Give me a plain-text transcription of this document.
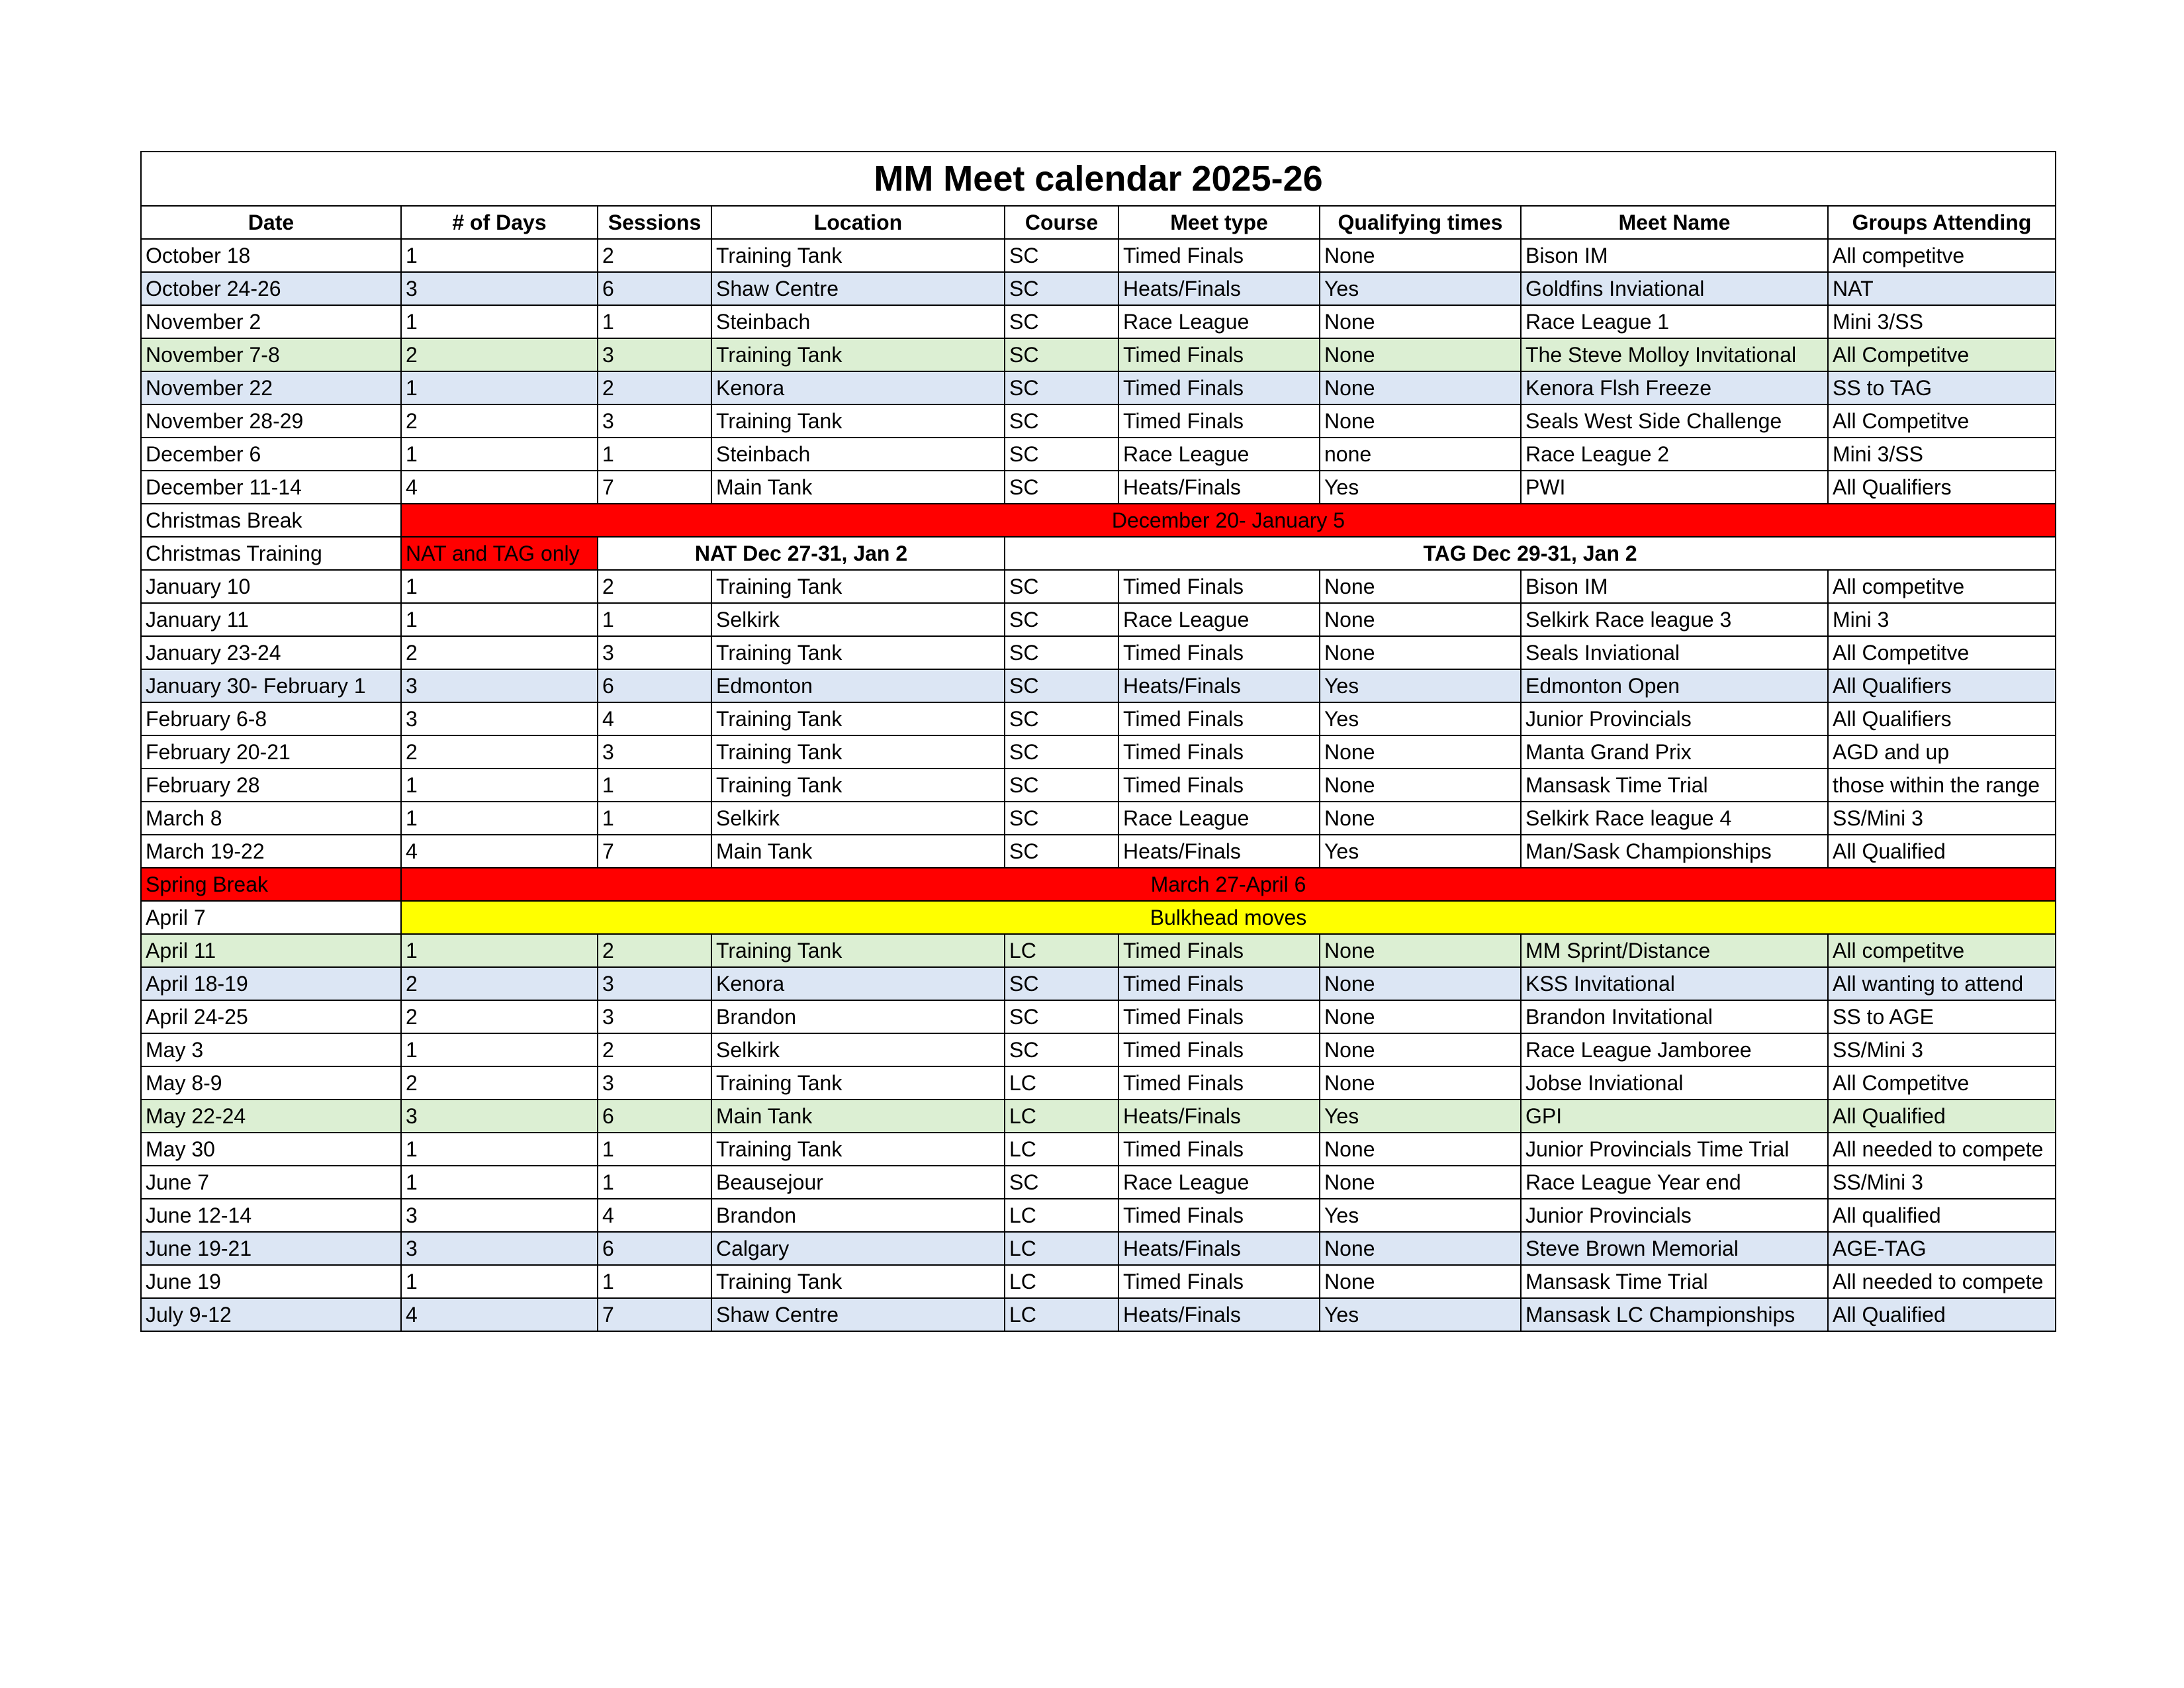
MM Meet calendar 2025-26								
Date	# of Days	Sessions	Location	Course	Meet type	Qualifying times	Meet Name	Groups Attending
October 18	1	2	Training Tank	SC	Timed Finals	None	Bison IM	All competitve
October 24-26	3	6	Shaw Centre	SC	Heats/Finals	Yes	Goldfins Inviational	NAT
November 2	1	1	Steinbach	SC	Race League	None	Race League 1	Mini 3/SS
November 7-8	2	3	Training Tank	SC	Timed Finals	None	The Steve Molloy Invitational	All Competitve
November 22	1	2	Kenora	SC	Timed Finals	None	Kenora Flsh Freeze	SS to TAG
November 28-29	2	3	Training Tank	SC	Timed Finals	None	Seals West Side Challenge	All Competitve
December 6	1	1	Steinbach	SC	Race League	none	Race League 2	Mini 3/SS
December 11-14	4	7	Main Tank	SC	Heats/Finals	Yes	PWI	All Qualifiers
Christmas Break	December 20- January 5							
Christmas Training	NAT and TAG only	NAT Dec 27-31, Jan 2		TAG Dec 29-31, Jan 2				
January 10	1	2	Training Tank	SC	Timed Finals	None	Bison IM	All competitve
January 11	1	1	Selkirk	SC	Race League	None	Selkirk Race league 3	Mini 3
January 23-24	2	3	Training Tank	SC	Timed Finals	None	Seals Inviational	All Competitve
January 30- February 1	3	6	Edmonton	SC	Heats/Finals	Yes	Edmonton Open	All Qualifiers
February 6-8	3	4	Training Tank	SC	Timed Finals	Yes	Junior Provincials	All Qualifiers
February 20-21	2	3	Training Tank	SC	Timed Finals	None	Manta Grand Prix	AGD and up
February 28	1	1	Training Tank	SC	Timed Finals	None	Mansask Time Trial	those within the range
March 8	1	1	Selkirk	SC	Race League	None	Selkirk Race league 4	SS/Mini 3
March 19-22	4	7	Main Tank	SC	Heats/Finals	Yes	Man/Sask Championships	All Qualified
Spring Break	March 27-April 6							
April 7	Bulkhead moves							
April 11	1	2	Training Tank	LC	Timed Finals	None	MM Sprint/Distance	All competitve
April 18-19	2	3	Kenora	SC	Timed Finals	None	KSS Invitational	All wanting to attend
April 24-25	2	3	Brandon	SC	Timed Finals	None	Brandon Invitational	SS to AGE
May 3	1	2	Selkirk	SC	Timed Finals	None	Race League Jamboree	SS/Mini 3
May 8-9	2	3	Training Tank	LC	Timed Finals	None	Jobse Inviational	All Competitve
May 22-24	3	6	Main Tank	LC	Heats/Finals	Yes	GPI	All Qualified
May 30	1	1	Training Tank	LC	Timed Finals	None	Junior Provincials Time Trial	All needed to compete
June 7	1	1	Beausejour	SC	Race League	None	Race League Year end	SS/Mini 3
June 12-14	3	4	Brandon	LC	Timed Finals	Yes	Junior Provincials	All qualified
June 19-21	3	6	Calgary	LC	Heats/Finals	None	Steve Brown Memorial	AGE-TAG
June 19	1	1	Training Tank	LC	Timed Finals	None	Mansask Time Trial	All needed to compete
July 9-12	4	7	Shaw Centre	LC	Heats/Finals	Yes	Mansask LC Championships	All Qualified
